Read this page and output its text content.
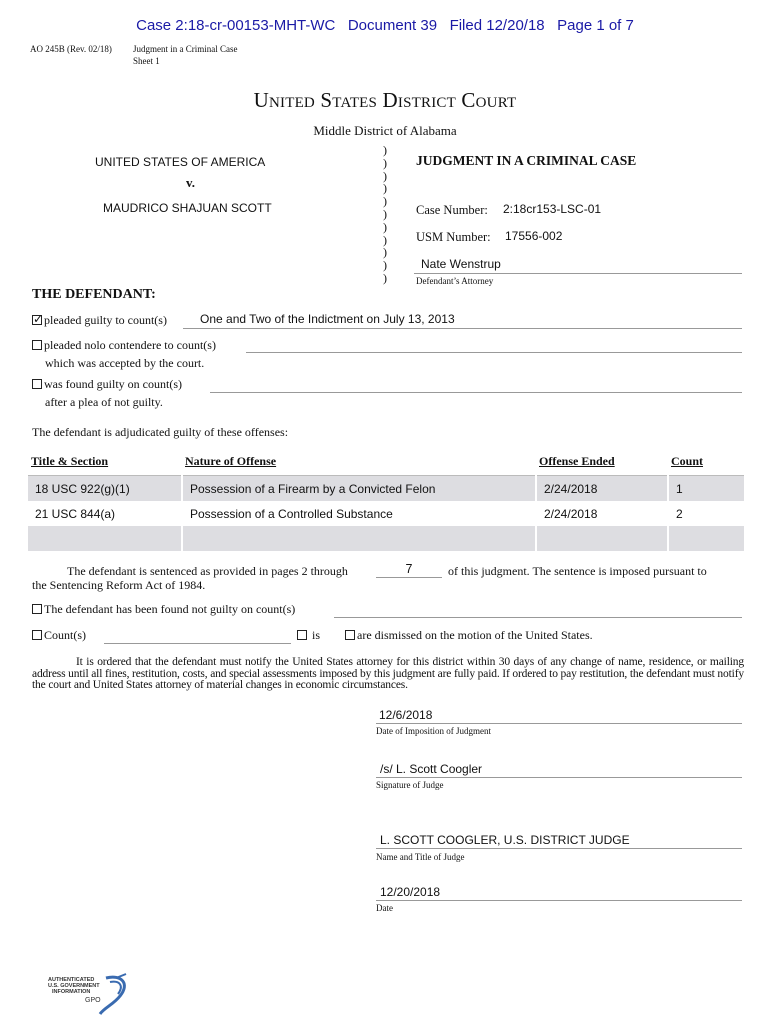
Case 2:18-cr-00153-MHT-WC   Document 39   Filed 12/20/18   Page 1 of 7
AO 245B (Rev. 02/18) Judgment in a Criminal Case
Sheet 1
United States District Court
Middle District of Alabama
UNITED STATES OF AMERICA
v.
MAUDRICO SHAJUAN SCOTT
)
)
)
)
)
)
)
)
)
)
)
JUDGMENT IN A CRIMINAL CASE
Case Number: 2:18cr153-LSC-01
USM Number: 17556-002
Nate Wenstrup
Defendant’s Attorney
THE DEFENDANT:
✓pleaded guilty to count(s)	One and Two of the Indictment on July 13, 2013
pleaded nolo contendere to count(s)
which was accepted by the court.
was found guilty on count(s)
after a plea of not guilty.
The defendant is adjudicated guilty of these offenses:
Title & Section	Nature of Offense	Offense Ended	Count
18 USC 922(g)(1)	Possession of a Firearm by a Convicted Felon	2/24/2018	1
21 USC 844(a)	Possession of a Controlled Substance	2/24/2018	2

The defendant is sentenced as provided in pages 2 through	7	of this judgment. The sentence is imposed pursuant to
the Sentencing Reform Act of 1984.
The defendant has been found not guilty on count(s)
Count(s)	is	are dismissed on the motion of the United States.
It is ordered that the defendant must notify the United States attorney for this district within 30 days of any change of name, residence, or mailing address until all fines, restitution, costs, and special assessments imposed by this judgment are fully paid. If ordered to pay restitution, the defendant must notify the court and United States attorney of material changes in economic circumstances.
12/6/2018
Date of Imposition of Judgment
/s/ L. Scott Coogler
Signature of Judge
L. SCOTT COOGLER, U.S. DISTRICT JUDGE
Name and Title of Judge
12/20/2018
Date
AUTHENTICATED
U.S. GOVERNMENT
INFORMATION
GPO
